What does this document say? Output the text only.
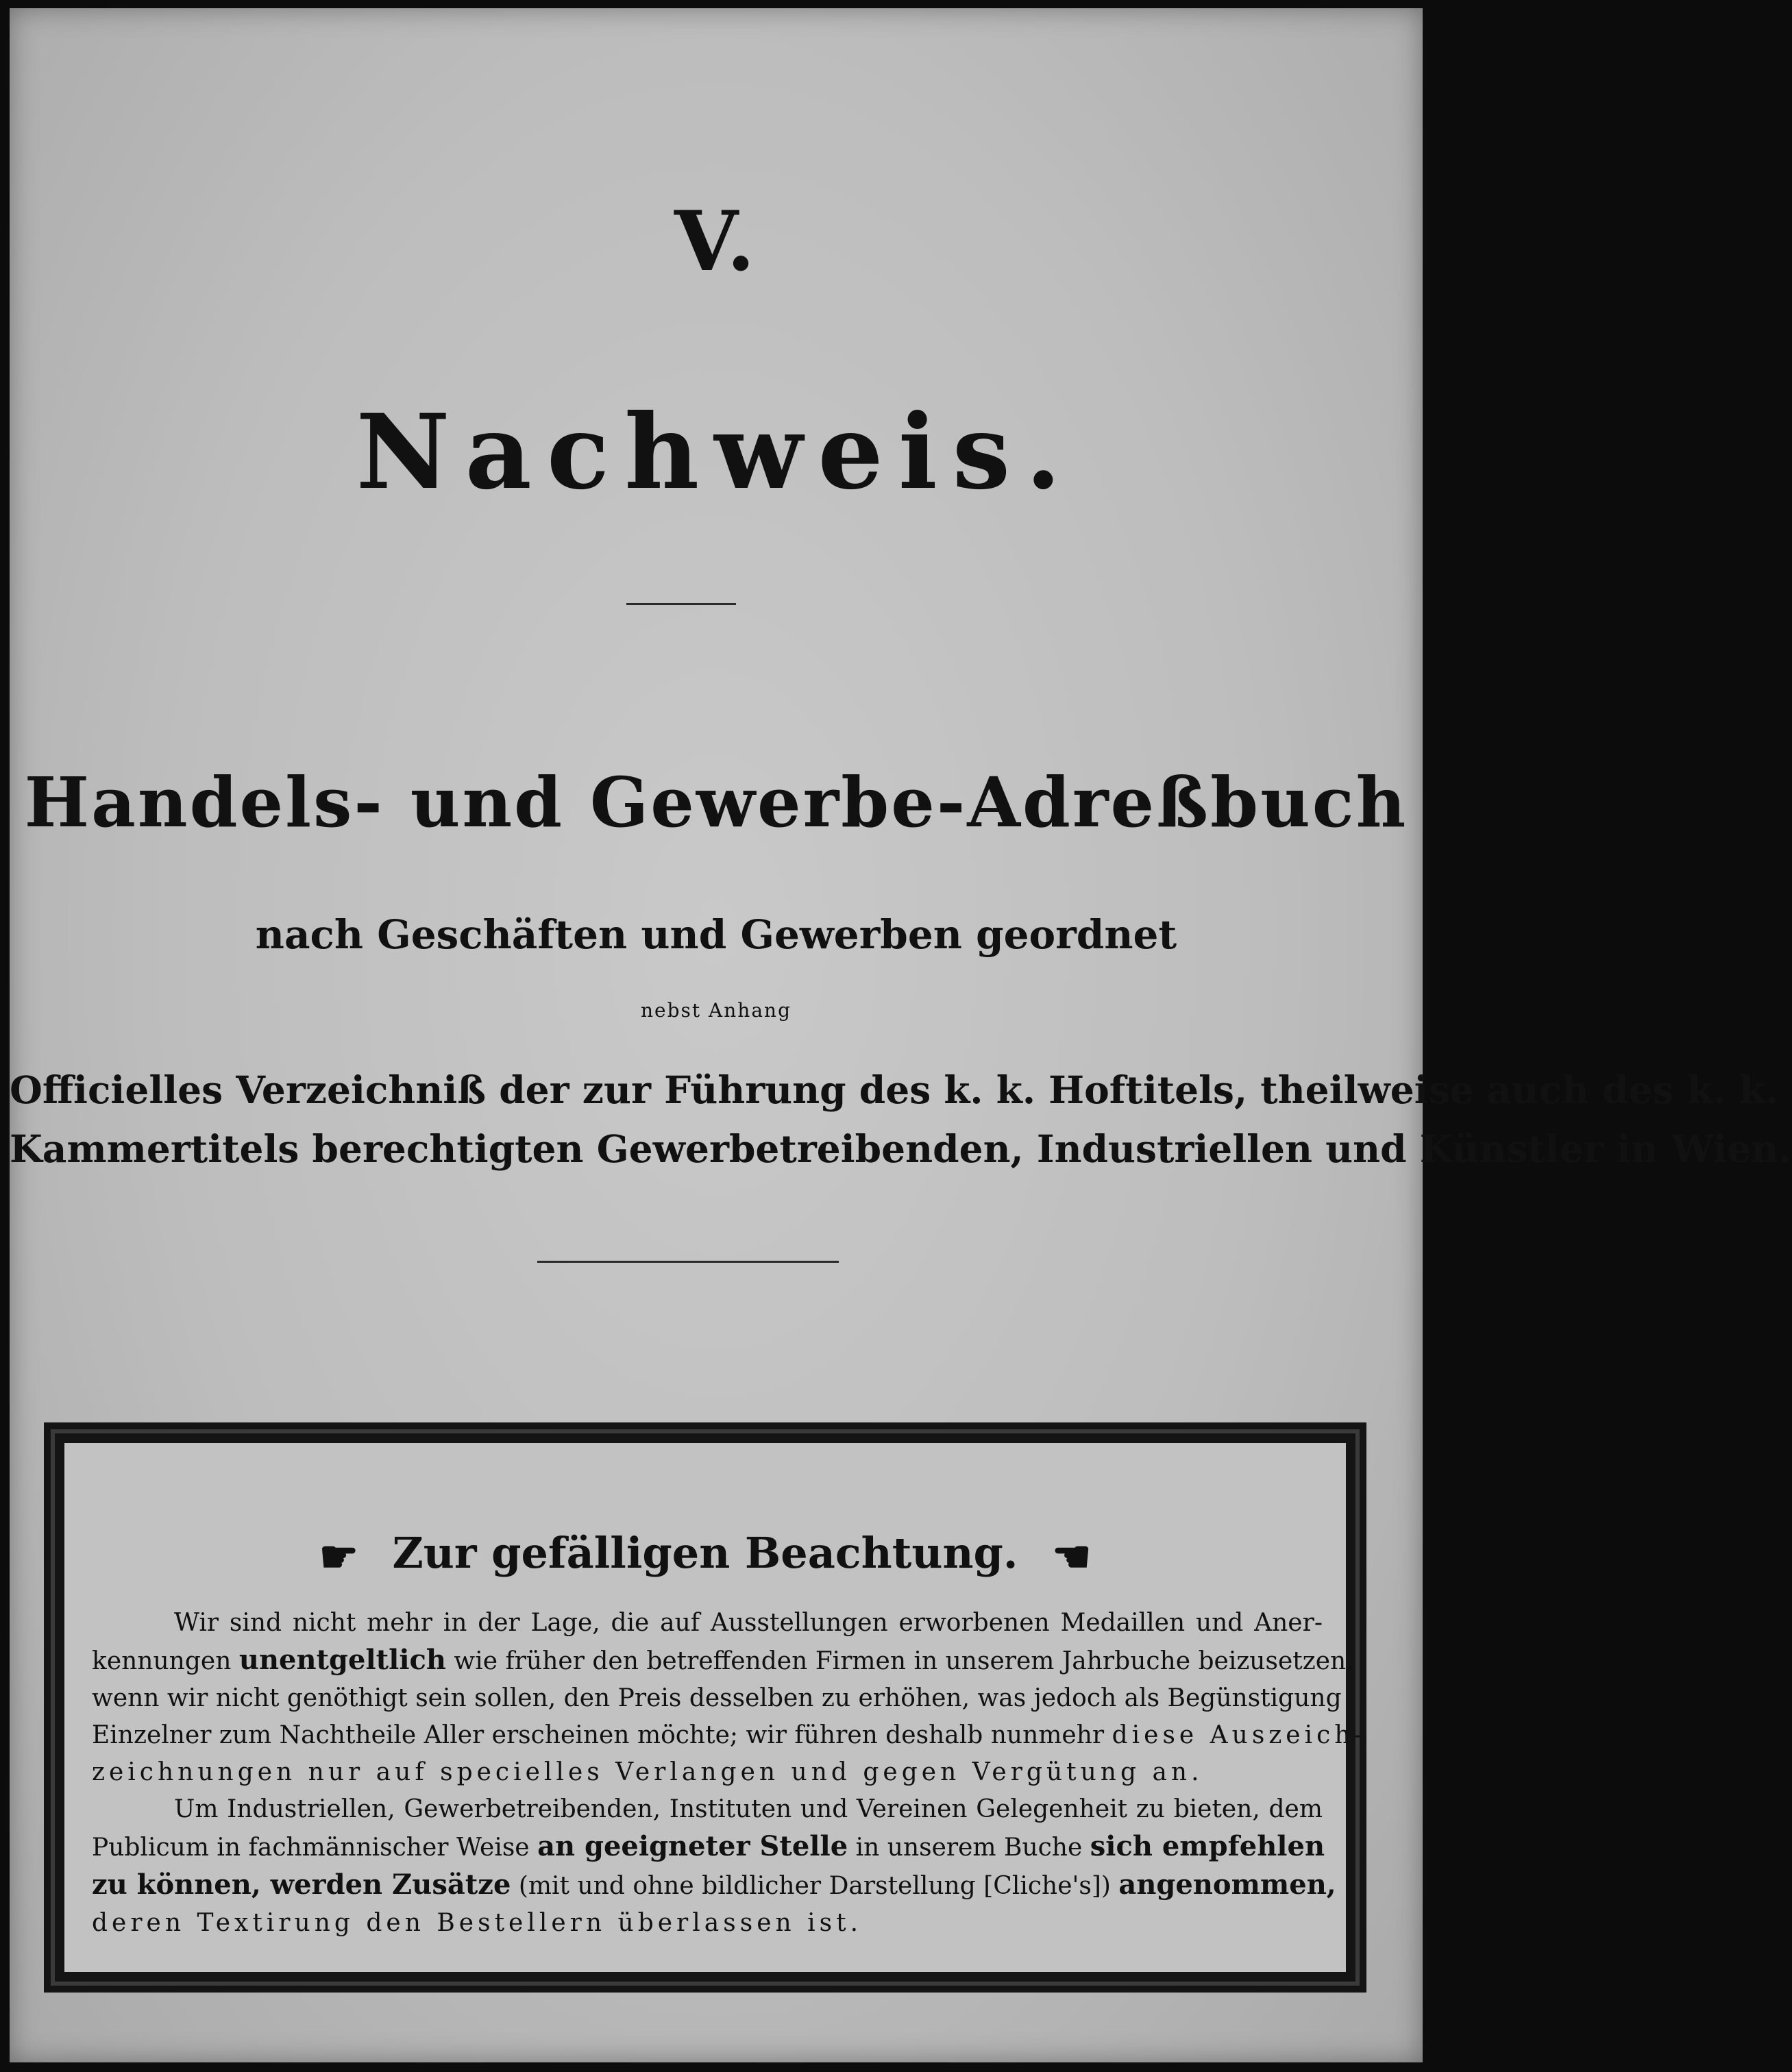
V.
Nachweis.
Handels- und Gewerbe-Adreßbuch
nach Geschäften und Gewerben geordnet
nebst Anhang
Officielles Verzeichniß der zur Führung des k. k. Hoftitels, theilweise auch des k. k.
Kammertitels berechtigten Gewerbetreibenden, Industriellen und Künstler in Wien.
☛ Zur gefälligen Beachtung. ☚
Wir sind nicht mehr in der Lage, die auf Ausstellungen erworbenen Medaillen und Aner-
kennungen unentgeltlich wie früher den betreffenden Firmen in unserem Jahrbuche beizusetzen,
wenn wir nicht genöthigt sein sollen, den Preis desselben zu erhöhen, was jedoch als Begünstigung
Einzelner zum Nachtheile Aller erscheinen möchte; wir führen deshalb nunmehr diese Auszeich-
zeichnungen nur auf specielles Verlangen und gegen Vergütung an.
Um Industriellen, Gewerbetreibenden, Instituten und Vereinen Gelegenheit zu bieten, dem
Publicum in fachmännischer Weise an geeigneter Stelle in unserem Buche sich empfehlen
zu können, werden Zusätze (mit und ohne bildlicher Darstellung [Cliche's]) angenommen,
deren Textirung den Bestellern überlassen ist.
